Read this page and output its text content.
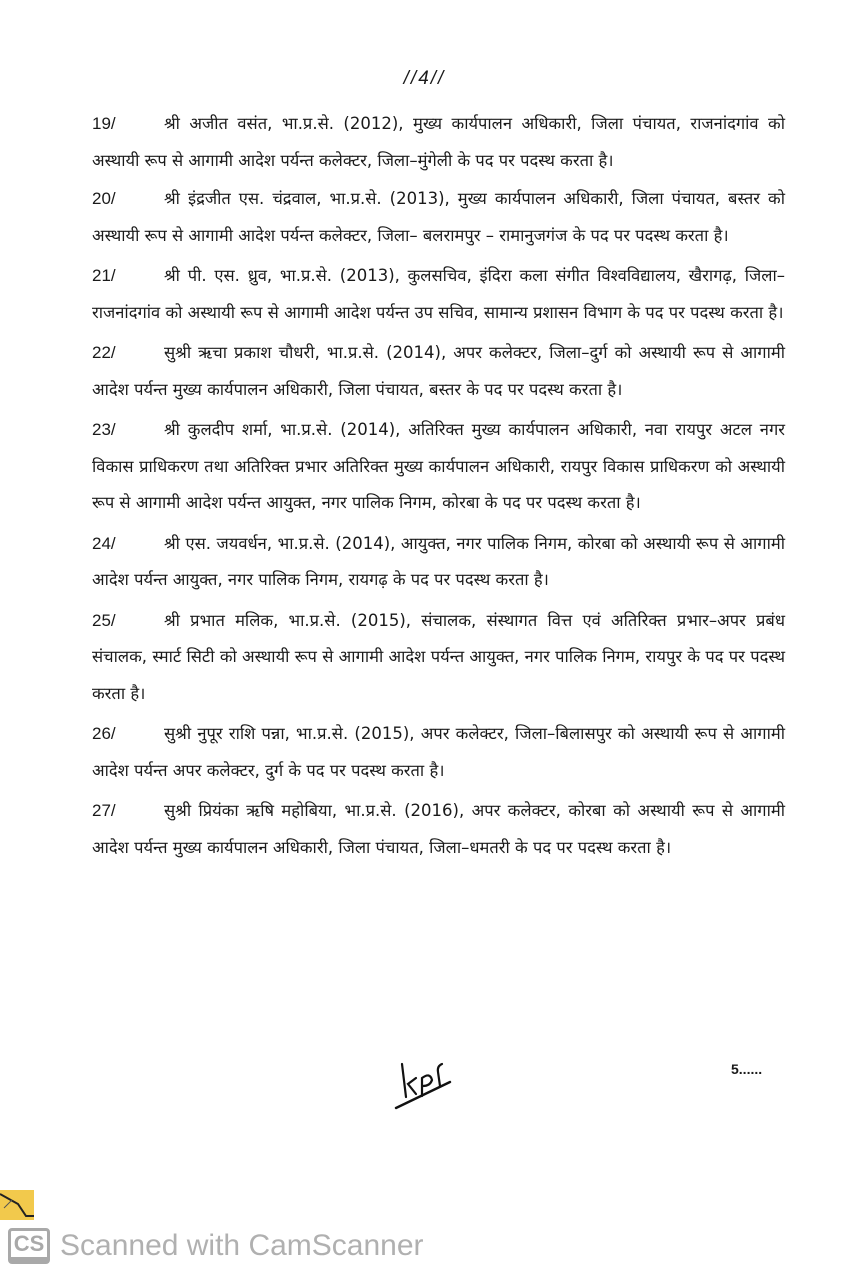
//4//

19/	श्री अजीत वसंत, भा.प्र.से. (2012), मुख्य कार्यपालन अधिकारी, जिला पंचायत, राजनांदगांव को अस्थायी रूप से आगामी आदेश पर्यन्त कलेक्टर, जिला–मुंगेली के पद पर पदस्थ करता है।

20/	श्री इंद्रजीत एस. चंद्रवाल, भा.प्र.से. (2013), मुख्य कार्यपालन अधिकारी, जिला पंचायत, बस्तर को अस्थायी रूप से आगामी आदेश पर्यन्त कलेक्टर, जिला– बलरामपुर – रामानुजगंज के पद पर पदस्थ करता है।

21/	श्री पी. एस. ध्रुव, भा.प्र.से. (2013), कुलसचिव, इंदिरा कला संगीत विश्वविद्यालय, खैरागढ़, जिला–राजनांदगांव को अस्थायी रूप से आगामी आदेश पर्यन्त उप सचिव, सामान्य प्रशासन विभाग के पद पर पदस्थ करता है।

22/	सुश्री ऋचा प्रकाश चौधरी, भा.प्र.से. (2014), अपर कलेक्टर, जिला–दुर्ग को अस्थायी रूप से आगामी आदेश पर्यन्त मुख्य कार्यपालन अधिकारी, जिला पंचायत, बस्तर के पद पर पदस्थ करता है।

23/	श्री कुलदीप शर्मा, भा.प्र.से. (2014), अतिरिक्त मुख्य कार्यपालन अधिकारी, नवा रायपुर अटल नगर विकास प्राधिकरण तथा अतिरिक्त प्रभार अतिरिक्त मुख्य कार्यपालन अधिकारी, रायपुर विकास प्राधिकरण को अस्थायी रूप से आगामी आदेश पर्यन्त आयुक्त, नगर पालिक निगम, कोरबा के पद पर पदस्थ करता है।

24/	श्री एस. जयवर्धन, भा.प्र.से. (2014), आयुक्त, नगर पालिक निगम, कोरबा को अस्थायी रूप से आगामी आदेश पर्यन्त आयुक्त, नगर पालिक निगम, रायगढ़ के पद पर पदस्थ करता है।

25/	श्री प्रभात मलिक, भा.प्र.से. (2015), संचालक, संस्थागत वित्त एवं अतिरिक्त प्रभार–अपर प्रबंध संचालक, स्मार्ट सिटी को अस्थायी रूप से आगामी आदेश पर्यन्त आयुक्त, नगर पालिक निगम, रायपुर के पद पर पदस्थ करता है।

26/	सुश्री नुपूर राशि पन्ना, भा.प्र.से. (2015), अपर कलेक्टर, जिला–बिलासपुर को अस्थायी रूप से आगामी आदेश पर्यन्त अपर कलेक्टर, दुर्ग के पद पर पदस्थ करता है।

27/	सुश्री प्रियंका ऋषि महोबिया, भा.प्र.से. (2016), अपर कलेक्टर, कोरबा को अस्थायी रूप से आगामी आदेश पर्यन्त मुख्य कार्यपालन अधिकारी, जिला पंचायत, जिला–धमतरी के पद पर पदस्थ करता है।

5......
CS Scanned with CamScanner
